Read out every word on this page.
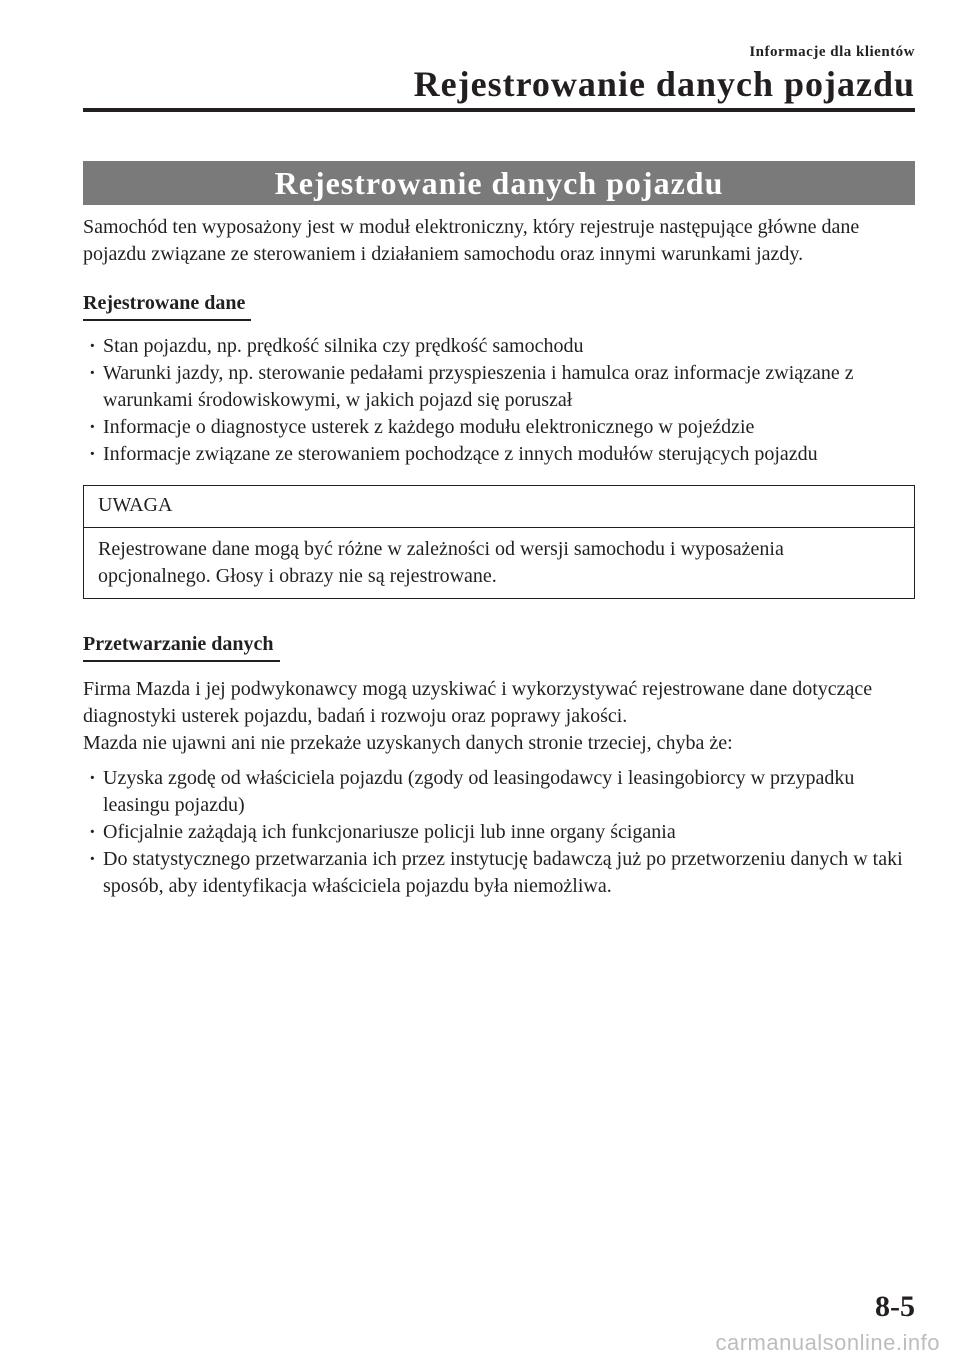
Informacje dla klientów
Rejestrowanie danych pojazdu
Rejestrowanie danych pojazdu

Samochód ten wyposażony jest w moduł elektroniczny, który rejestruje następujące główne dane pojazdu związane ze sterowaniem i działaniem samochodu oraz innymi warunkami jazdy.

Rejestrowane dane
· Stan pojazdu, np. prędkość silnika czy prędkość samochodu
· Warunki jazdy, np. sterowanie pedałami przyspieszenia i hamulca oraz informacje związane z warunkami środowiskowymi, w jakich pojazd się poruszał
· Informacje o diagnostyce usterek z każdego modułu elektronicznego w pojeździe
· Informacje związane ze sterowaniem pochodzące z innych modułów sterujących pojazdu
UWAGA
Rejestrowane dane mogą być różne w zależności od wersji samochodu i wyposażenia opcjonalnego. Głosy i obrazy nie są rejestrowane.
Przetwarzanie danych

Firma Mazda i jej podwykonawcy mogą uzyskiwać i wykorzystywać rejestrowane dane dotyczące diagnostyki usterek pojazdu, badań i rozwoju oraz poprawy jakości.

Mazda nie ujawni ani nie przekaże uzyskanych danych stronie trzeciej, chyba że:

· Uzyska zgodę od właściciela pojazdu (zgody od leasingodawcy i leasingobiorcy w przypadku leasingu pojazdu)
· Oficjalnie zażądają ich funkcjonariusze policji lub inne organy ścigania
· Do statystycznego przetwarzania ich przez instytucję badawczą już po przetworzeniu danych w taki sposób, aby identyfikacja właściciela pojazdu była niemożliwa.
8-5
carmanualsonline.info
